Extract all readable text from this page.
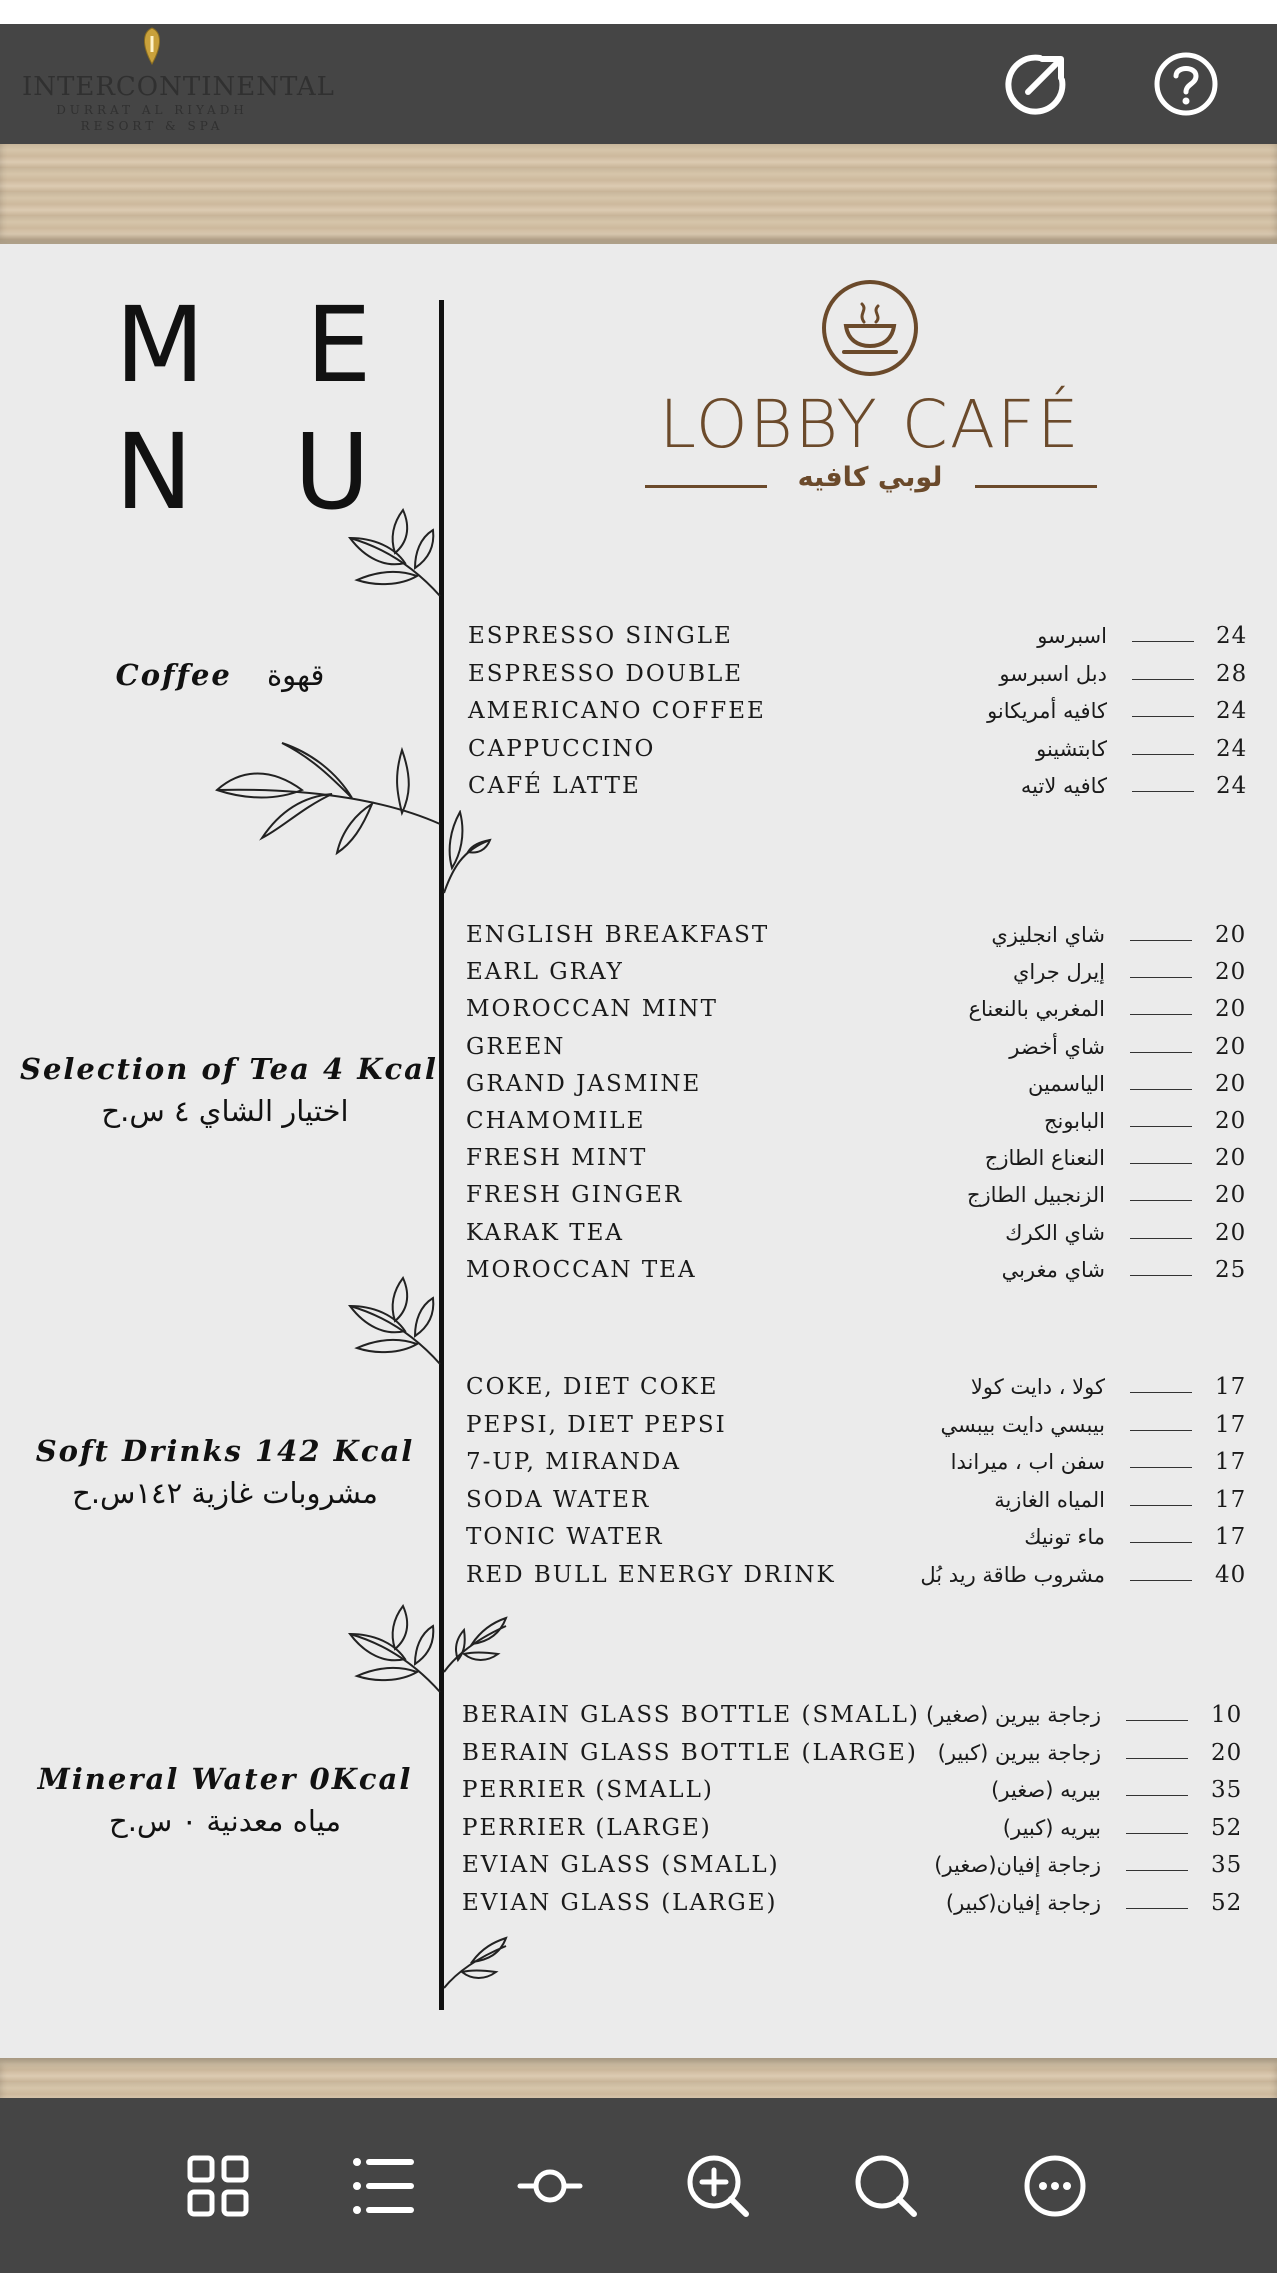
INTERCONTINENTAL
DURRAT AL RIYADH
RESORT & SPA
M E
N U	LOBBY CAFÉ
لوبي كافيه
Coffee قهوة
Selection of Tea 4 Kcal
اختيار الشاي ٤ س.ح
Soft Drinks 142 Kcal
مشروبات غازية ١٤٢س.ح
Mineral Water 0Kcal
مياه معدنية ٠ س.ح
ESPRESSO SINGLE	اسبرسو	24
ESPRESSO DOUBLE	دبل اسبرسو	28
AMERICANO COFFEE	كافيه أمريكانو	24
CAPPUCCINO	كابتشينو	24
CAFÉ LATTE	كافيه لاتيه	24
ENGLISH BREAKFAST	شاي انجليزي	20
EARL GRAY	إيرل جراي	20
MOROCCAN MINT	المغربي بالنعناع	20
GREEN	شاي أخضر	20
GRAND JASMINE	الياسمين	20
CHAMOMILE	البابونج	20
FRESH MINT	النعناع الطازج	20
FRESH GINGER	الزنجبيل الطازج	20
KARAK TEA	شاي الكرك	20
MOROCCAN TEA	شاي مغربي	25
COKE, DIET COKE	كولا ، دايت كولا	17
PEPSI, DIET PEPSI	بيبسي دايت بيبسي	17
7-UP, MIRANDA	سفن اب ، ميراندا	17
SODA WATER	المياه الغازية	17
TONIC WATER	ماء تونيك	17
RED BULL ENERGY DRINK	مشروب طاقة ريد بُل	40
BERAIN GLASS BOTTLE (SMALL) زجاجة بيرين (صغير)	10
BERAIN GLASS BOTTLE (LARGE) زجاجة بيرين (كبير)	20
PERRIER (SMALL)	بيريه (صغير)	35
PERRIER (LARGE)	بيريه (كبير)	52
EVIAN GLASS (SMALL)	زجاجة إفيان(صغير)	35
EVIAN GLASS (LARGE)	زجاجة إفيان(كبير)	52
